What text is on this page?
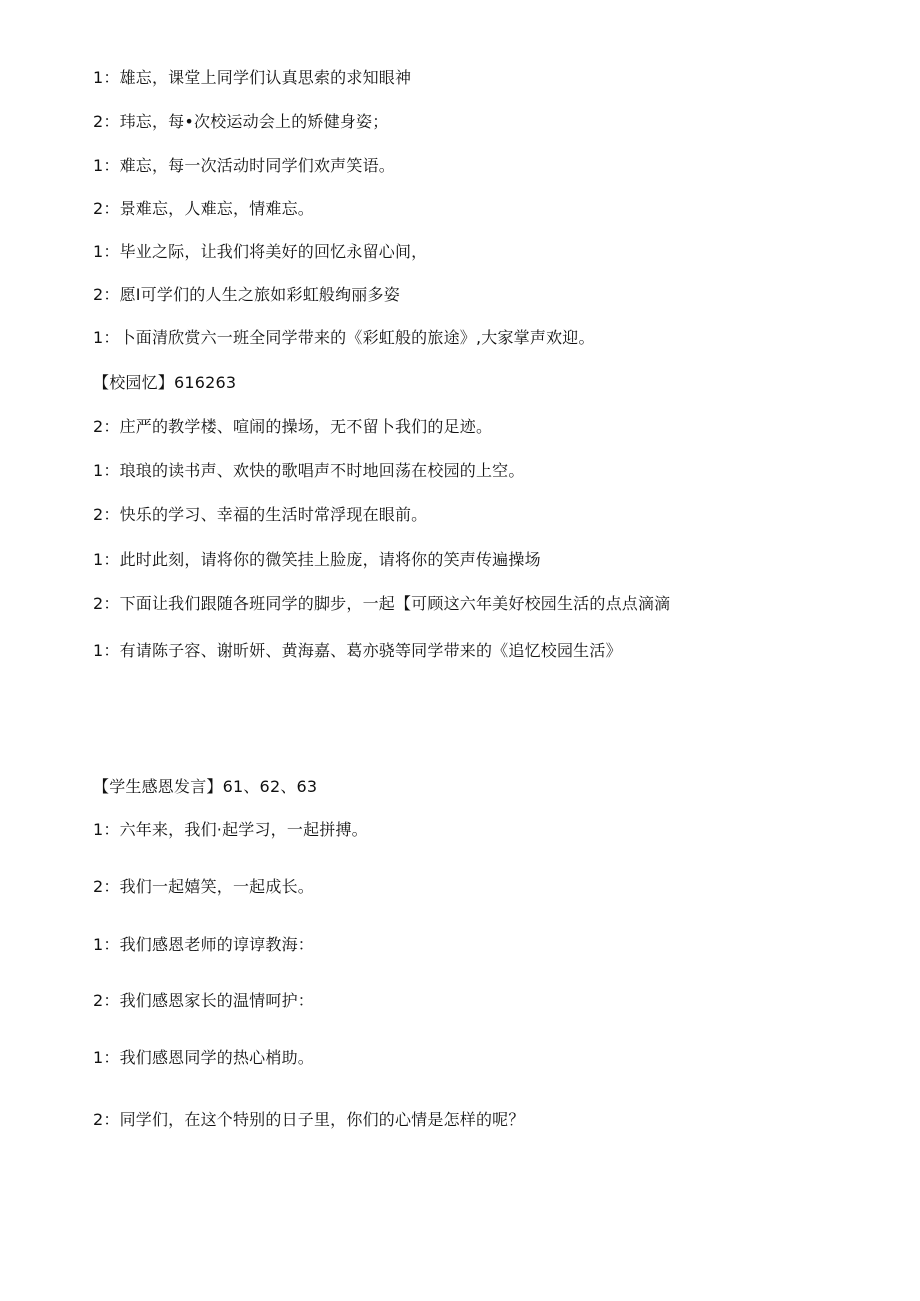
1：雄忘，课堂上同学们认真思索的求知眼神
2：玮忘，每•次校运动会上的矫健身姿；
1：难忘，每一次活动时同学们欢声笑语。
2：景难忘，人难忘，情难忘。
1：毕业之际，让我们将美好的回忆永留心间，
2：愿I可学们的人生之旅如彩虹般绚丽多姿
1：卜面清欣赏六一班全同学带来的《彩虹般的旅途》,大家掌声欢迎。
【校园忆】616263
2：庄严的教学楼、喧闹的操场，无不留卜我们的足迹。
1：琅琅的读书声、欢快的歌唱声不时地回荡在校园的上空。
2：快乐的学习、幸福的生活时常浮现在眼前。
1：此时此刻，请将你的微笑挂上脸庞，请将你的笑声传遍操场
2：下面让我们跟随各班同学的脚步，一起【可顾这六年美好校园生活的点点滴滴
1：有请陈子容、谢昕妍、黄海嘉、葛亦骁等同学带来的《追忆校园生活》
【学生感恩发言】61、62、63
1：六年来，我们·起学习，一起拼搏。
2：我们一起嬉笑，一起成长。
1：我们感恩老师的谆谆教海：
2：我们感恩家长的温情呵护：
1：我们感恩同学的热心梢助。
2：同学们，在这个特别的日子里，你们的心情是怎样的呢？
